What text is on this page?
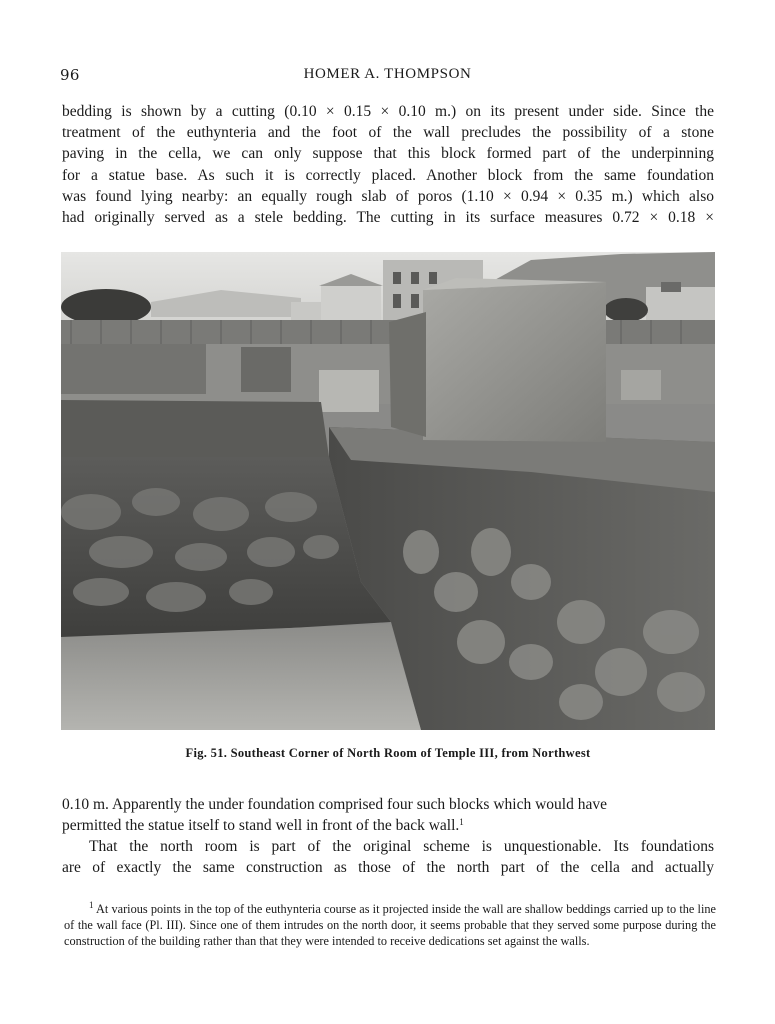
96	HOMER A. THOMPSON
bedding is shown by a cutting (0.10 × 0.15 × 0.10 m.) on its present under side. Since the
treatment of the euthynteria and the foot of the wall precludes the possibility of a stone
paving in the cella, we can only suppose that this block formed part of the underpinning
for a statue base. As such it is correctly placed. Another block from the same foundation
was found lying nearby: an equally rough slab of poros (1.10 × 0.94 × 0.35 m.) which also
had originally served as a stele bedding. The cutting in its surface measures 0.72 × 0.18 ×
Fig. 51. Southeast Corner of North Room of Temple III, from Northwest
0.10 m. Apparently the under foundation comprised four such blocks which would have
permitted the statue itself to stand well in front of the back wall.$^1$
That the north room is part of the original scheme is unquestionable. Its foundations
are of exactly the same construction as those of the north part of the cella and actually

$^1$ At various points in the top of the euthynteria course as it projected inside the wall are shallow beddings carried up to the line of the wall face (Pl. III). Since one of them intrudes on the north door, it seems probable that they served some purpose during the construction of the building rather than that they were intended to receive dedications set against the walls.
